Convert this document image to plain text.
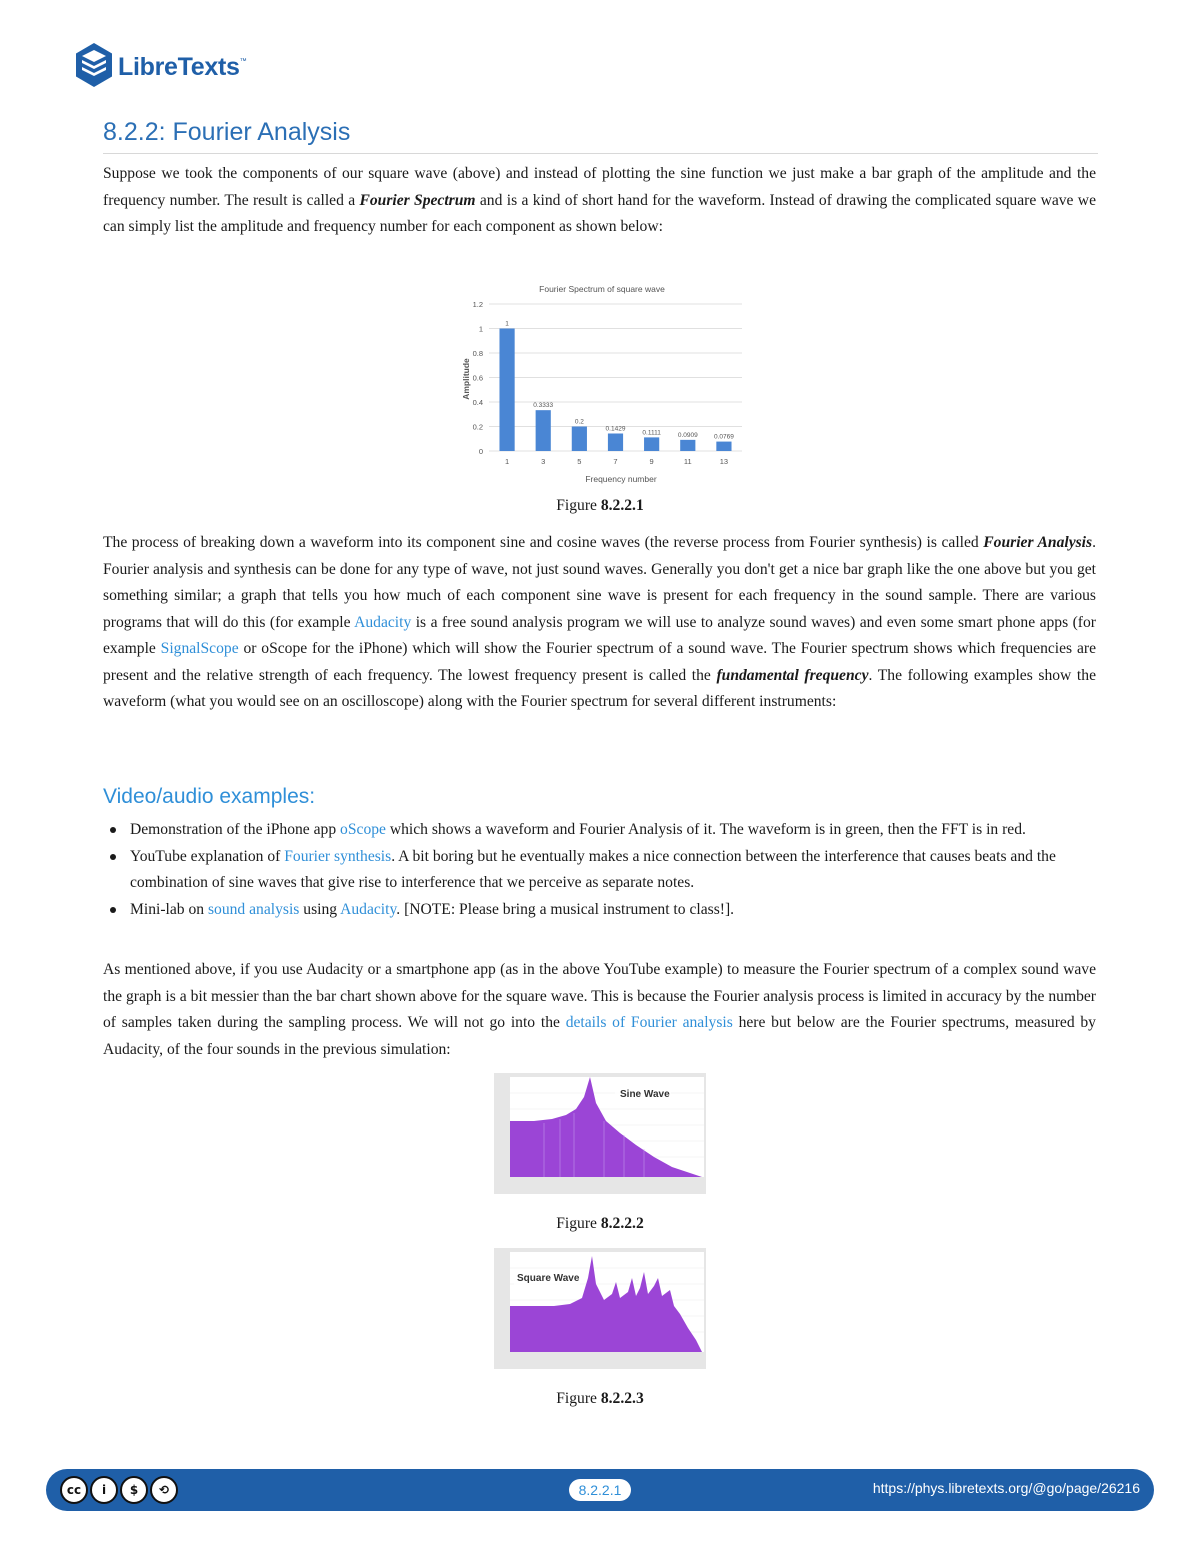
LibreTexts™
8.2.2: Fourier Analysis

Suppose we took the components of our square wave (above) and instead of plotting the sine function we just make a bar graph of the amplitude and the frequency number. The result is called a Fourier Spectrum and is a kind of short hand for the waveform. Instead of drawing the complicated square wave we can simply list the amplitude and frequency number for each component as shown below:

Fourier Spectrum of square wave
Amplitude
Frequency number
0
0.2
0.4
0.6
0.8
1
1.2
1
1
0.3333
3
0.2
5
0.1429
7
0.1111
9
0.0909
11
0.0769
13
Figure 8.2.2.1

The process of breaking down a waveform into its component sine and cosine waves (the reverse process from Fourier synthesis) is called Fourier Analysis. Fourier analysis and synthesis can be done for any type of wave, not just sound waves. Generally you don't get a nice bar graph like the one above but you get something similar; a graph that tells you how much of each component sine wave is present for each frequency in the sound sample. There are various programs that will do this (for example Audacity is a free sound analysis program we will use to analyze sound waves) and even some smart phone apps (for example SignalScope or oScope for the iPhone) which will show the Fourier spectrum of a sound wave. The Fourier spectrum shows which frequencies are present and the relative strength of each frequency. The lowest frequency present is called the fundamental frequency. The following examples show the waveform (what you would see on an oscilloscope) along with the Fourier spectrum for several different instruments:

Video/audio examples:
Demonstration of the iPhone app oScope which shows a waveform and Fourier Analysis of it. The waveform is in green, then the FFT is in red.
YouTube explanation of Fourier synthesis. A bit boring but he eventually makes a nice connection between the interference that causes beats and the combination of sine waves that give rise to interference that we perceive as separate notes.
Mini-lab on sound analysis using Audacity. [NOTE: Please bring a musical instrument to class!].

As mentioned above, if you use Audacity or a smartphone app (as in the above YouTube example) to measure the Fourier spectrum of a complex sound wave the graph is a bit messier than the bar chart shown above for the square wave. This is because the Fourier analysis process is limited in accuracy by the number of samples taken during the sampling process. We will not go into the details of Fourier analysis here but below are the Fourier spectrums, measured by Audacity, of the four sounds in the previous simulation:

Sine Wave
Figure 8.2.2.2
Square Wave
Figure 8.2.2.3
cc	i	$	⟲	8.2.2.1	https://phys.libretexts.org/@go/page/26216
